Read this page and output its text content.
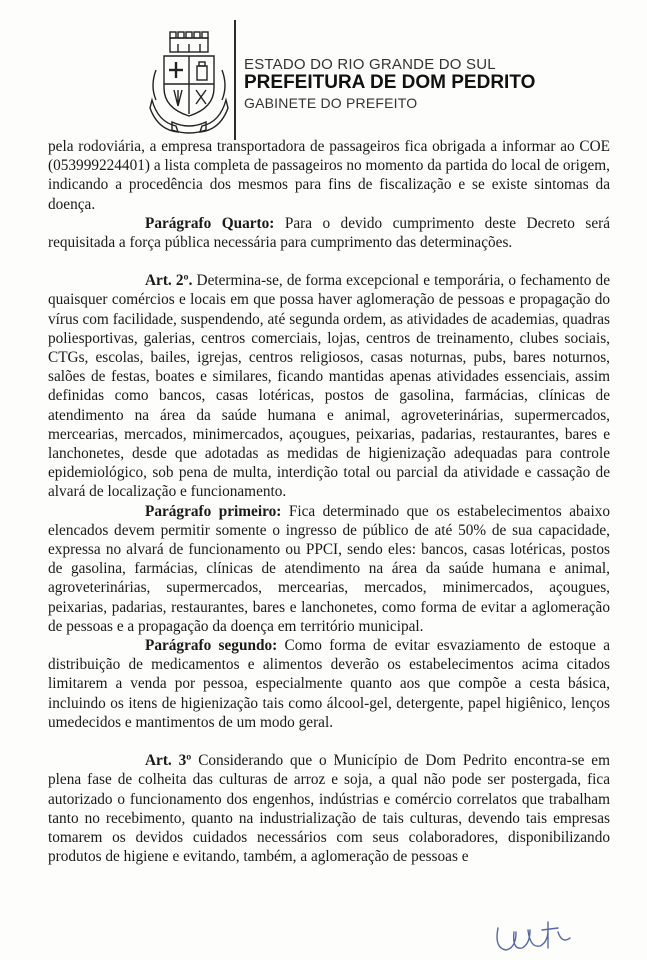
ESTADO DO RIO GRANDE DO SUL
PREFEITURA DE DOM PEDRITO
GABINETE DO PREFEITO

pela rodoviária, a empresa transportadora de passageiros fica obrigada a informar ao COE (053999224401) a lista completa de passageiros no momento da partida do local de origem, indicando a procedência dos mesmos para fins de fiscalização e se existe sintomas da doença.

Parágrafo Quarto: Para o devido cumprimento deste Decreto será requisitada a força pública necessária para cumprimento das determinações.

Art. 2º. Determina-se, de forma excepcional e temporária, o fechamento de quaisquer comércios e locais em que possa haver aglomeração de pessoas e propagação do vírus com facilidade, suspendendo, até segunda ordem, as atividades de academias, quadras poliesportivas, galerias, centros comerciais, lojas, centros de treinamento, clubes sociais, CTGs, escolas, bailes, igrejas, centros religiosos, casas noturnas, pubs, bares noturnos, salões de festas, boates e similares, ficando mantidas apenas atividades essenciais, assim definidas como bancos, casas lotéricas, postos de gasolina, farmácias, clínicas de atendimento na área da saúde humana e animal, agroveterinárias, supermercados, mercearias, mercados, minimercados, açougues, peixarias, padarias, restaurantes, bares e lanchonetes, desde que adotadas as medidas de higienização adequadas para controle epidemiológico, sob pena de multa, interdição total ou parcial da atividade e cassação de alvará de localização e funcionamento.

Parágrafo primeiro: Fica determinado que os estabelecimentos abaixo elencados devem permitir somente o ingresso de público de até 50% de sua capacidade, expressa no alvará de funcionamento ou PPCI, sendo eles: bancos, casas lotéricas, postos de gasolina, farmácias, clínicas de atendimento na área da saúde humana e animal, agroveterinárias, supermercados, mercearias, mercados, minimercados, açougues, peixarias, padarias, restaurantes, bares e lanchonetes, como forma de evitar a aglomeração de pessoas e a propagação da doença em território municipal.

Parágrafo segundo: Como forma de evitar esvaziamento de estoque a distribuição de medicamentos e alimentos deverão os estabelecimentos acima citados limitarem a venda por pessoa, especialmente quanto aos que compõe a cesta básica, incluindo os itens de higienização tais como álcool-gel, detergente, papel higiênico, lenços umedecidos e mantimentos de um modo geral.

Art. 3º Considerando que o Município de Dom Pedrito encontra-se em plena fase de colheita das culturas de arroz e soja, a qual não pode ser postergada, fica autorizado o funcionamento dos engenhos, indústrias e comércio correlatos que trabalham tanto no recebimento, quanto na industrialização de tais culturas, devendo tais empresas tomarem os devidos cuidados necessários com seus colaboradores, disponibilizando produtos de higiene e evitando, também, a aglomeração de pessoas e
